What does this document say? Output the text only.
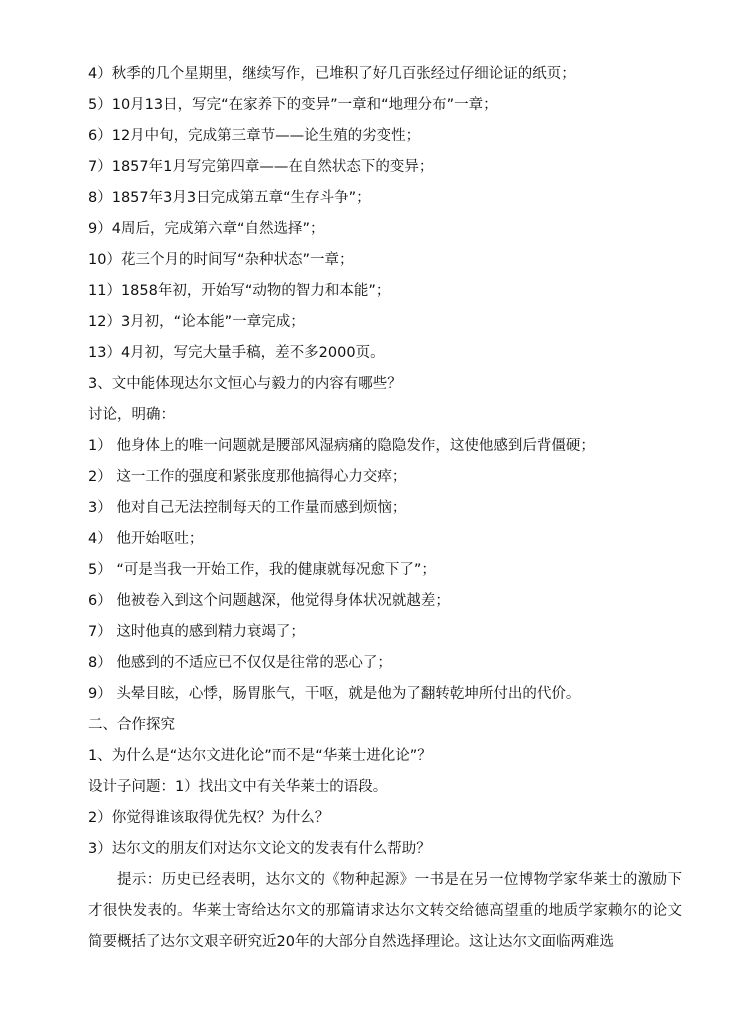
4）秋季的几个星期里，继续写作，已堆积了好几百张经过仔细论证的纸页；
5）10月13日，写完“在家养下的变异”一章和“地理分布”一章；
6）12月中旬，完成第三章节——论生殖的劣变性；
7）1857年1月写完第四章——在自然状态下的变异；
8）1857年3月3日完成第五章“生存斗争”；
9）4周后，完成第六章“自然选择”；
10）花三个月的时间写“杂种状态”一章；
11）1858年初，开始写“动物的智力和本能”；
12）3月初，“论本能”一章完成；
13）4月初，写完大量手稿，差不多2000页。
3、文中能体现达尔文恒心与毅力的内容有哪些？
讨论，明确：
1） 他身体上的唯一问题就是腰部风湿病痛的隐隐发作，这使他感到后背僵硬；
2） 这一工作的强度和紧张度那他搞得心力交瘁；
3） 他对自己无法控制每天的工作量而感到烦恼；
4） 他开始呕吐；
5） “可是当我一开始工作，我的健康就每况愈下了”；
6） 他被卷入到这个问题越深，他觉得身体状况就越差；
7） 这时他真的感到精力衰竭了；
8） 他感到的不适应已不仅仅是往常的恶心了；
9） 头晕目眩，心悸，肠胃胀气，干呕，就是他为了翻转乾坤所付出的代价。
二、合作探究
1、为什么是“达尔文进化论”而不是“华莱士进化论”？
设计子问题：1）找出文中有关华莱士的语段。
2）你觉得谁该取得优先权？为什么？
3）达尔文的朋友们对达尔文论文的发表有什么帮助？
提示：历史已经表明，达尔文的《物种起源》一书是在另一位博物学家华莱士的激励下才很快发表的。华莱士寄给达尔文的那篇请求达尔文转交给德高望重的地质学家赖尔的论文简要概括了达尔文艰辛研究近20年的大部分自然选择理论。这让达尔文面临两难选
